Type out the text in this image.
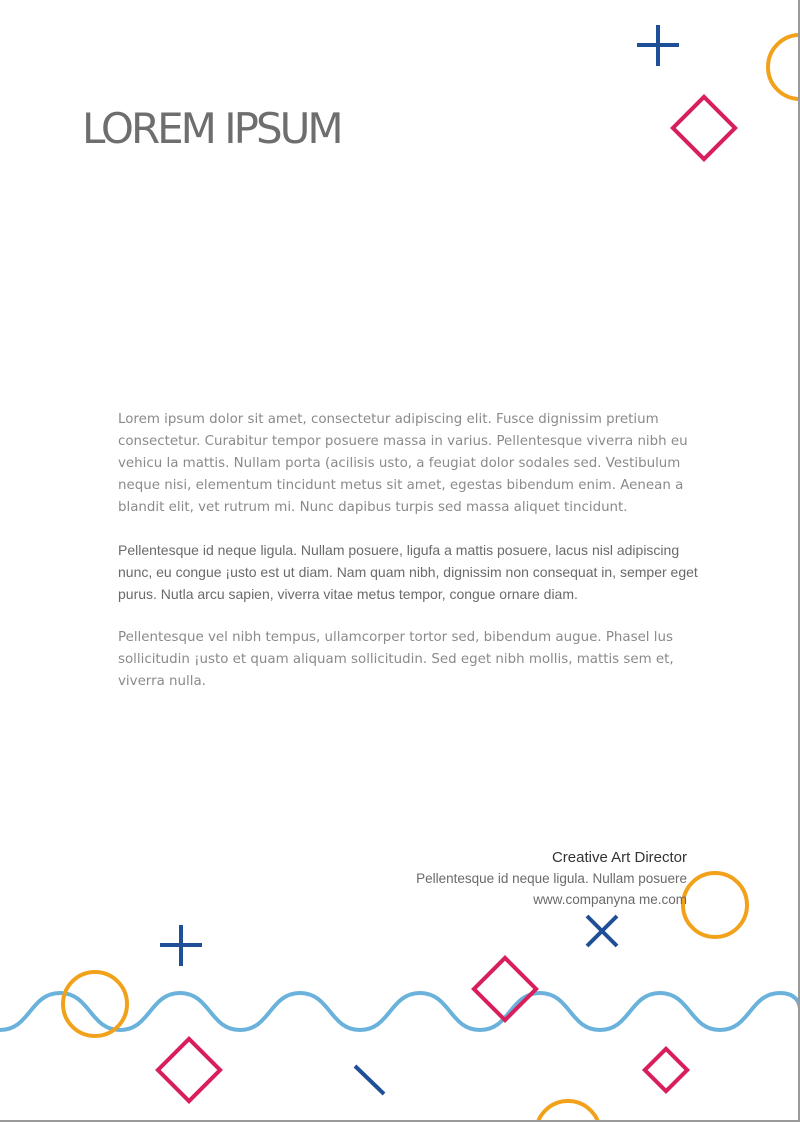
LOREM IPSUM

Lorem ipsum dolor sit amet, consectetur adipiscing elit. Fusce dignissim pretium consectetur. Curabitur tempor posuere massa in varius. Pellentesque viverra nibh eu vehicu la mattis. Nullam porta (acilisis usto, a feugiat dolor sodales sed. Vestibulum neque nisi, elementum tincidunt metus sit amet, egestas bibendum enim. Aenean a blandit elit, vet rutrum mi. Nunc dapibus turpis sed massa aliquet tincidunt.

Pellentesque id neque ligula. Nullam posuere, ligufa a mattis posuere, lacus nisl adipiscing nunc, eu congue ¡usto est ut diam. Nam quam nibh, dignissim non consequat in, semper eget purus. Nutla arcu sapien, viverra vitae metus tempor, congue ornare diam.

Pellentesque vel nibh tempus, ullamcorper tortor sed, bibendum augue. Phasel lus sollicitudin ¡usto et quam aliquam sollicitudin. Sed eget nibh mollis, mattis sem et, viverra nulla.

Creative Art Director
Pellentesque id neque ligula. Nullam posuere
www.companyna me.com
